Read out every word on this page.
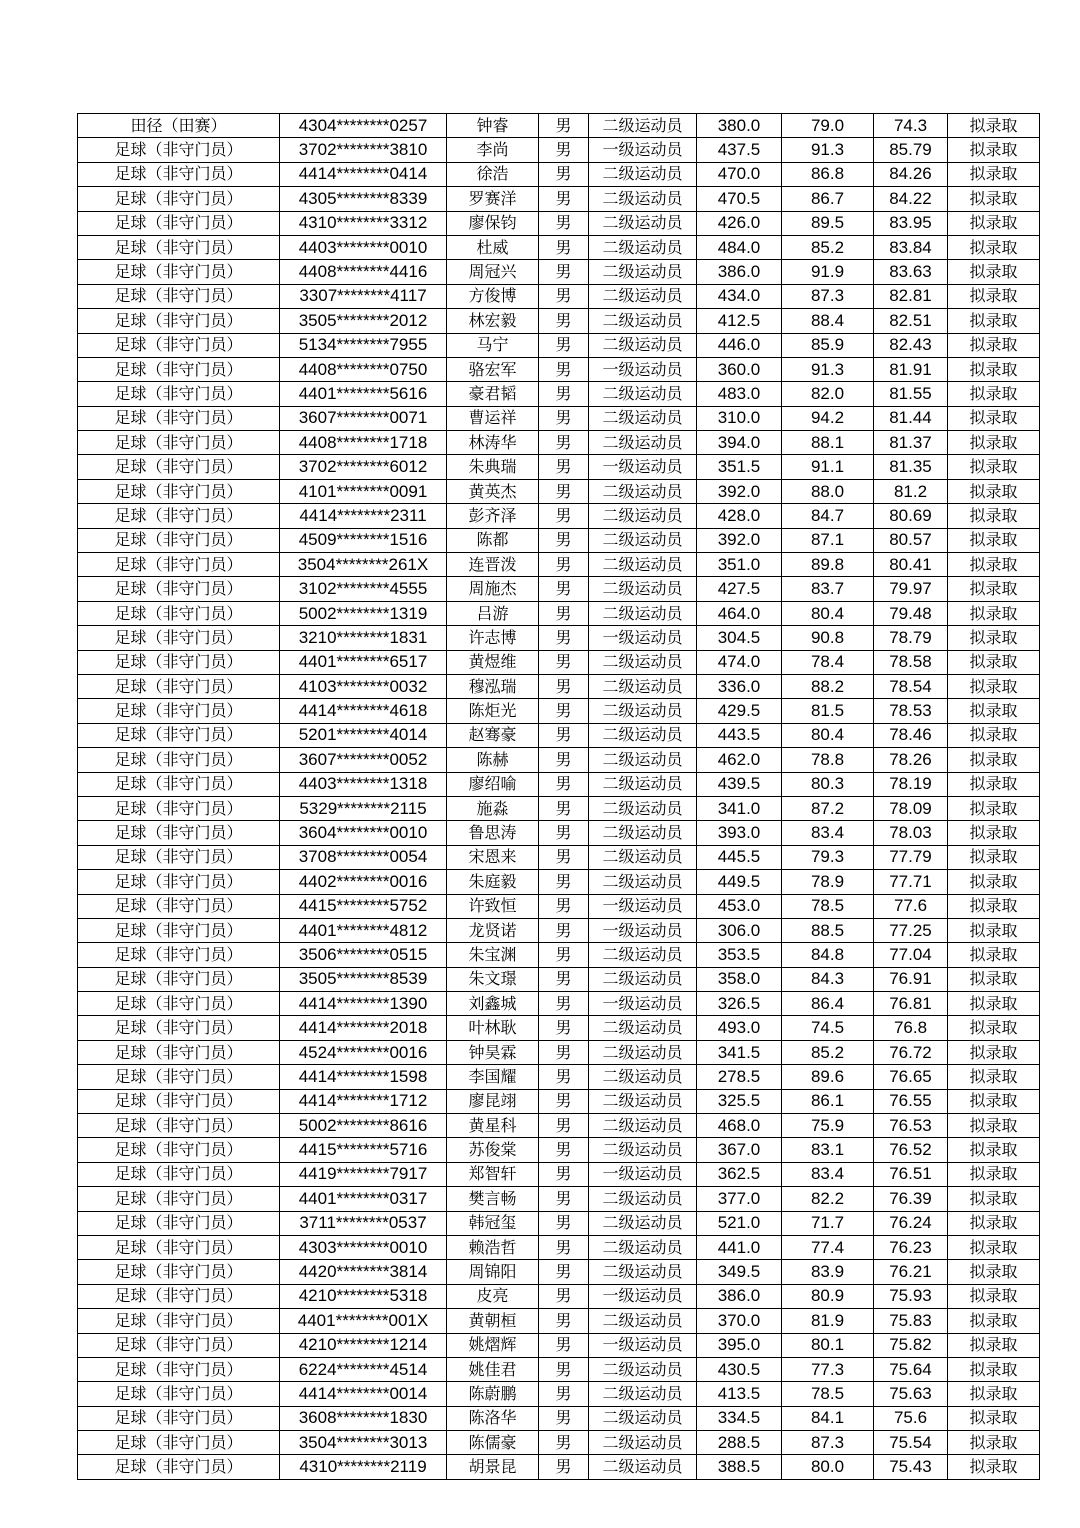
田径（田赛）	4304********0257	钟睿	男	二级运动员	380.0	79.0	74.3	拟录取
足球（非守门员）	3702********3810	李尚	男	一级运动员	437.5	91.3	85.79	拟录取
足球（非守门员）	4414********0414	徐浩	男	二级运动员	470.0	86.8	84.26	拟录取
足球（非守门员）	4305********8339	罗赛洋	男	二级运动员	470.5	86.7	84.22	拟录取
足球（非守门员）	4310********3312	廖保钧	男	二级运动员	426.0	89.5	83.95	拟录取
足球（非守门员）	4403********0010	杜威	男	二级运动员	484.0	85.2	83.84	拟录取
足球（非守门员）	4408********4416	周冠兴	男	二级运动员	386.0	91.9	83.63	拟录取
足球（非守门员）	3307********4117	方俊博	男	二级运动员	434.0	87.3	82.81	拟录取
足球（非守门员）	3505********2012	林宏毅	男	二级运动员	412.5	88.4	82.51	拟录取
足球（非守门员）	5134********7955	马宁	男	二级运动员	446.0	85.9	82.43	拟录取
足球（非守门员）	4408********0750	骆宏军	男	一级运动员	360.0	91.3	81.91	拟录取
足球（非守门员）	4401********5616	豪君韬	男	二级运动员	483.0	82.0	81.55	拟录取
足球（非守门员）	3607********0071	曹运祥	男	二级运动员	310.0	94.2	81.44	拟录取
足球（非守门员）	4408********1718	林涛华	男	二级运动员	394.0	88.1	81.37	拟录取
足球（非守门员）	3702********6012	朱典瑞	男	一级运动员	351.5	91.1	81.35	拟录取
足球（非守门员）	4101********0091	黄英杰	男	二级运动员	392.0	88.0	81.2	拟录取
足球（非守门员）	4414********2311	彭齐泽	男	二级运动员	428.0	84.7	80.69	拟录取
足球（非守门员）	4509********1516	陈都	男	二级运动员	392.0	87.1	80.57	拟录取
足球（非守门员）	3504********261X	连晋泼	男	二级运动员	351.0	89.8	80.41	拟录取
足球（非守门员）	3102********4555	周施杰	男	二级运动员	427.5	83.7	79.97	拟录取
足球（非守门员）	5002********1319	吕游	男	二级运动员	464.0	80.4	79.48	拟录取
足球（非守门员）	3210********1831	许志博	男	一级运动员	304.5	90.8	78.79	拟录取
足球（非守门员）	4401********6517	黄煜维	男	二级运动员	474.0	78.4	78.58	拟录取
足球（非守门员）	4103********0032	穆泓瑞	男	二级运动员	336.0	88.2	78.54	拟录取
足球（非守门员）	4414********4618	陈炬光	男	二级运动员	429.5	81.5	78.53	拟录取
足球（非守门员）	5201********4014	赵骞豪	男	二级运动员	443.5	80.4	78.46	拟录取
足球（非守门员）	3607********0052	陈赫	男	二级运动员	462.0	78.8	78.26	拟录取
足球（非守门员）	4403********1318	廖绍喻	男	二级运动员	439.5	80.3	78.19	拟录取
足球（非守门员）	5329********2115	施淼	男	二级运动员	341.0	87.2	78.09	拟录取
足球（非守门员）	3604********0010	鲁思涛	男	二级运动员	393.0	83.4	78.03	拟录取
足球（非守门员）	3708********0054	宋恩来	男	二级运动员	445.5	79.3	77.79	拟录取
足球（非守门员）	4402********0016	朱庭毅	男	二级运动员	449.5	78.9	77.71	拟录取
足球（非守门员）	4415********5752	许致恒	男	一级运动员	453.0	78.5	77.6	拟录取
足球（非守门员）	4401********4812	龙贤诺	男	一级运动员	306.0	88.5	77.25	拟录取
足球（非守门员）	3506********0515	朱宝渊	男	二级运动员	353.5	84.8	77.04	拟录取
足球（非守门员）	3505********8539	朱文璟	男	二级运动员	358.0	84.3	76.91	拟录取
足球（非守门员）	4414********1390	刘鑫城	男	一级运动员	326.5	86.4	76.81	拟录取
足球（非守门员）	4414********2018	叶林耿	男	二级运动员	493.0	74.5	76.8	拟录取
足球（非守门员）	4524********0016	钟昊霖	男	二级运动员	341.5	85.2	76.72	拟录取
足球（非守门员）	4414********1598	李国耀	男	二级运动员	278.5	89.6	76.65	拟录取
足球（非守门员）	4414********1712	廖昆翊	男	二级运动员	325.5	86.1	76.55	拟录取
足球（非守门员）	5002********8616	黄星科	男	二级运动员	468.0	75.9	76.53	拟录取
足球（非守门员）	4415********5716	苏俊棠	男	二级运动员	367.0	83.1	76.52	拟录取
足球（非守门员）	4419********7917	郑智轩	男	一级运动员	362.5	83.4	76.51	拟录取
足球（非守门员）	4401********0317	樊言畅	男	二级运动员	377.0	82.2	76.39	拟录取
足球（非守门员）	3711********0537	韩冠玺	男	二级运动员	521.0	71.7	76.24	拟录取
足球（非守门员）	4303********0010	赖浩哲	男	二级运动员	441.0	77.4	76.23	拟录取
足球（非守门员）	4420********3814	周锦阳	男	二级运动员	349.5	83.9	76.21	拟录取
足球（非守门员）	4210********5318	皮亮	男	一级运动员	386.0	80.9	75.93	拟录取
足球（非守门员）	4401********001X	黄朝桓	男	二级运动员	370.0	81.9	75.83	拟录取
足球（非守门员）	4210********1214	姚熠辉	男	一级运动员	395.0	80.1	75.82	拟录取
足球（非守门员）	6224********4514	姚佳君	男	二级运动员	430.5	77.3	75.64	拟录取
足球（非守门员）	4414********0014	陈蔚鹏	男	二级运动员	413.5	78.5	75.63	拟录取
足球（非守门员）	3608********1830	陈洛华	男	二级运动员	334.5	84.1	75.6	拟录取
足球（非守门员）	3504********3013	陈儒豪	男	二级运动员	288.5	87.3	75.54	拟录取
足球（非守门员）	4310********2119	胡景昆	男	二级运动员	388.5	80.0	75.43	拟录取
